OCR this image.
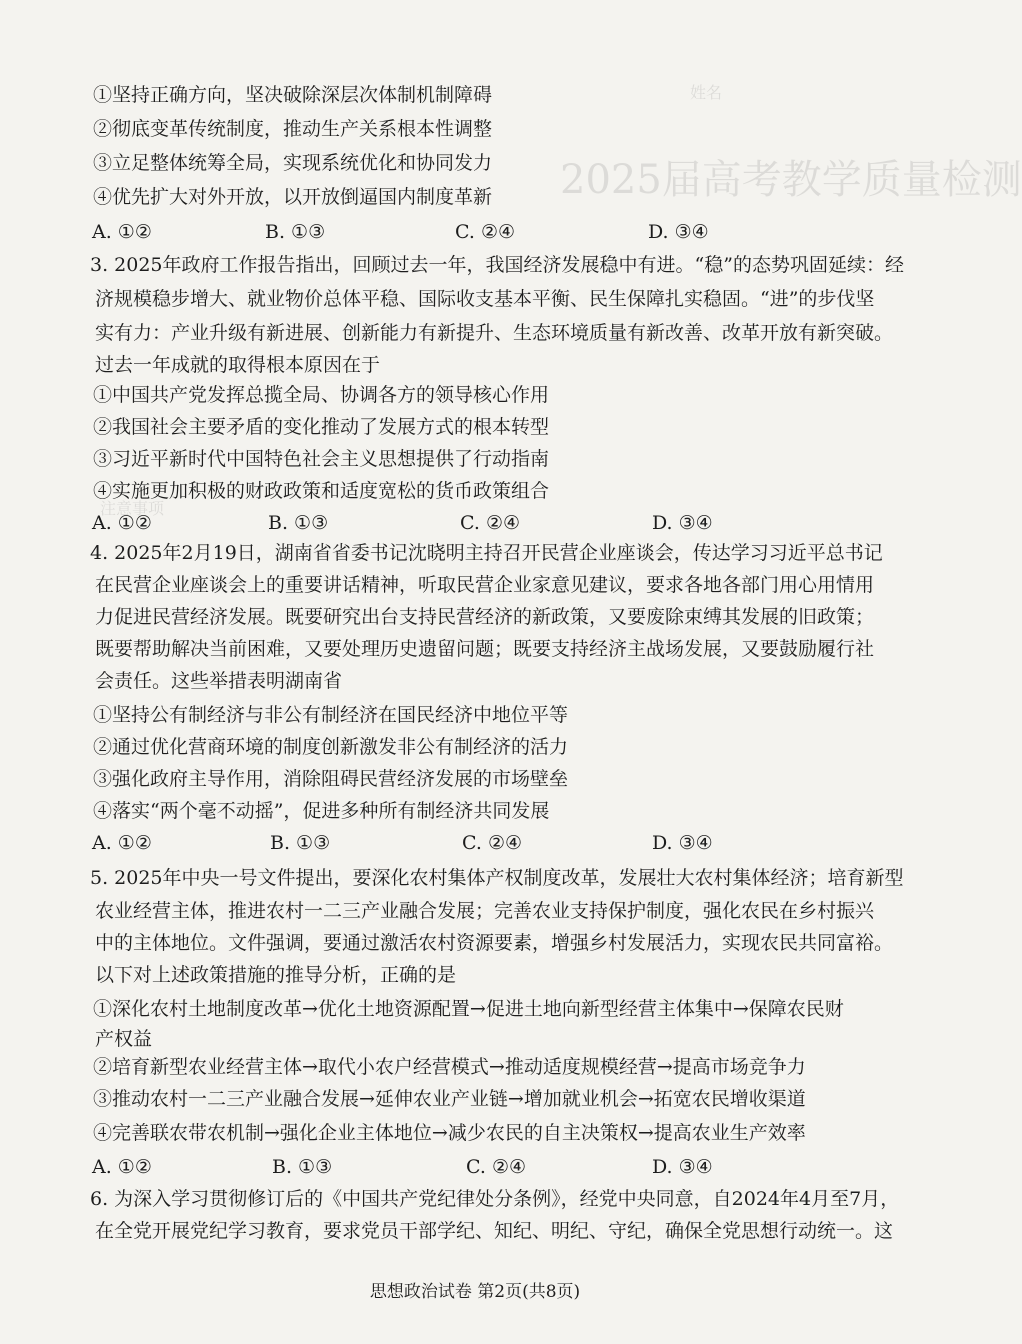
2025届高考教学质量检测
姓名
注意事项
①坚持正确方向，坚决破除深层次体制机制障碍
②彻底变革传统制度，推动生产关系根本性调整
③立足整体统筹全局，实现系统优化和协同发力
④优先扩大对外开放，以开放倒逼国内制度革新
A. ①②	B. ①③	C. ②④	D. ③④
3. 2025年政府工作报告指出，回顾过去一年，我国经济发展稳中有进。“稳”的态势巩固延续：经
济规模稳步增大、就业物价总体平稳、国际收支基本平衡、民生保障扎实稳固。“进”的步伐坚
实有力：产业升级有新进展、创新能力有新提升、生态环境质量有新改善、改革开放有新突破。
过去一年成就的取得根本原因在于
①中国共产党发挥总揽全局、协调各方的领导核心作用
②我国社会主要矛盾的变化推动了发展方式的根本转型
③习近平新时代中国特色社会主义思想提供了行动指南
④实施更加积极的财政政策和适度宽松的货币政策组合
A. ①②	B. ①③	C. ②④	D. ③④
4. 2025年2月19日，湖南省省委书记沈晓明主持召开民营企业座谈会，传达学习习近平总书记
在民营企业座谈会上的重要讲话精神，听取民营企业家意见建议，要求各地各部门用心用情用
力促进民营经济发展。既要研究出台支持民营经济的新政策，又要废除束缚其发展的旧政策；
既要帮助解决当前困难，又要处理历史遗留问题；既要支持经济主战场发展，又要鼓励履行社
会责任。这些举措表明湖南省
①坚持公有制经济与非公有制经济在国民经济中地位平等
②通过优化营商环境的制度创新激发非公有制经济的活力
③强化政府主导作用，消除阻碍民营经济发展的市场壁垒
④落实“两个毫不动摇”，促进多种所有制经济共同发展
A. ①②	B. ①③	C. ②④	D. ③④
5. 2025年中央一号文件提出，要深化农村集体产权制度改革，发展壮大农村集体经济；培育新型
农业经营主体，推进农村一二三产业融合发展；完善农业支持保护制度，强化农民在乡村振兴
中的主体地位。文件强调，要通过激活农村资源要素，增强乡村发展活力，实现农民共同富裕。
以下对上述政策措施的推导分析，正确的是
①深化农村土地制度改革→优化土地资源配置→促进土地向新型经营主体集中→保障农民财
产权益
②培育新型农业经营主体→取代小农户经营模式→推动适度规模经营→提高市场竞争力
③推动农村一二三产业融合发展→延伸农业产业链→增加就业机会→拓宽农民增收渠道
④完善联农带农机制→强化企业主体地位→减少农民的自主决策权→提高农业生产效率
A. ①②	B. ①③	C. ②④	D. ③④
6. 为深入学习贯彻修订后的《中国共产党纪律处分条例》，经党中央同意，自2024年4月至7月，
在全党开展党纪学习教育，要求党员干部学纪、知纪、明纪、守纪，确保全党思想行动统一。这
思想政治试卷 第2页(共8页)
